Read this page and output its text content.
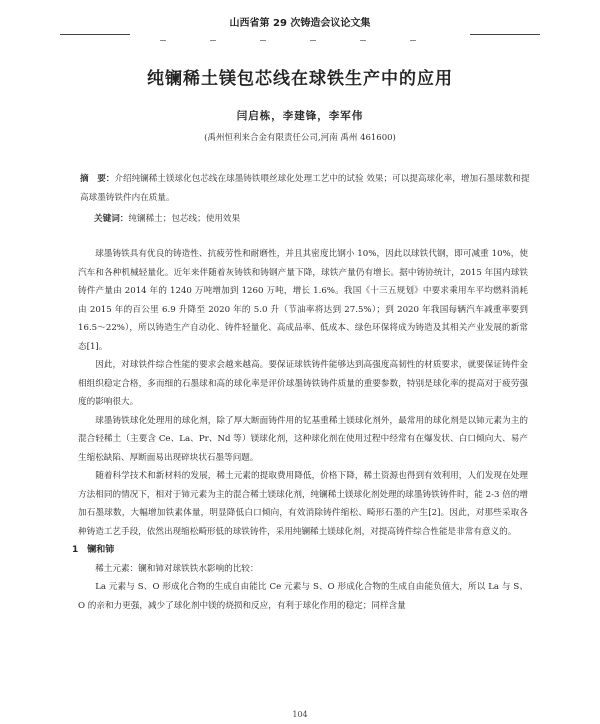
山西省第 29 次铸造会议论文集
纯镧稀土镁包芯线在球铁生产中的应用
闫启栋，李建锋，李军伟
(禹州恒利来合金有限责任公司,河南 禹州 461600)
摘　要：介绍纯镧稀土镁球化包芯线在球墨铸铁喂丝球化处理工艺中的试验 效果；可以提高球化率，增加石墨球数和提高球墨铸铁件内在质量。
关键词：纯镧稀土；包芯线；使用效果

球墨铸铁具有优良的铸造性、抗疲劳性和耐磨性，并且其密度比钢小 10%，因此以球铁代钢，即可减重 10%，使汽车和各种机械轻量化。近年来伴随着灰铸铁和铸钢产量下降，球铁产量仍有增长。据中铸协统计，2015 年国内球铁铸件产量由 2014 年的 1240 万吨增加到 1260 万吨，增长 1.6%。我国《十三五规划》中要求乘用车平均燃料消耗由 2015 年的百公里 6.9 升降至 2020 年的 5.0 升（节油率将达到 27.5%）；到 2020 年我国每辆汽车减重率要到 16.5～22%），所以铸造生产自动化、铸件轻量化、高成品率、低成本、绿色环保将成为铸造及其相关产业发展的新常态[1]。

因此，对球铁件综合性能的要求会越来越高。要保证球铁铸件能够达到高强度高韧性的材质要求，就要保证铸件金相组织稳定合格，多而细的石墨球和高的球化率是评价球墨铸铁铸件质量的重要参数，特别是球化率的提高对于疲劳强度的影响很大。

球墨铸铁球化处理用的球化剂，除了厚大断面铸件用的钇基重稀土镁球化剂外，最常用的球化剂是以铈元素为主的混合轻稀土（主要含 Ce、La、Pr、Nd 等）镁球化剂，这种球化剂在使用过程中经常有在爆发状、白口倾向大、易产生缩松缺陷、厚断面易出现碎块状石墨等问题。

随着科学技术和新材料的发展，稀土元素的提取费用降低，价格下降，稀土资源也得到有效利用，人们发现在处理方法相同的情况下，相对于铈元素为主的混合稀土镁球化剂，纯镧稀土镁球化剂处理的球墨铸铁铸件时，能 2-3 倍的增加石墨球数，大幅增加铁素体量，明显降低白口倾向，有效消除铸件缩松、畸形石墨的产生[2]。因此，对那些采取各种铸造工艺手段，依然出现缩松畸形低的球铁铸件，采用纯镧稀土镁球化剂，对提高铸件综合性能是非常有意义的。

1　镧和铈

稀土元素：镧和铈对球铁铁水影响的比较：

La 元素与 S、O 形成化合物的生成自由能比 Ce 元素与 S、O 形成化合物的生成自由能负值大，所以 La 与 S、O 的亲和力更强，减少了球化剂中镁的烧损和反应，有利于球化作用的稳定；同样含量

104
